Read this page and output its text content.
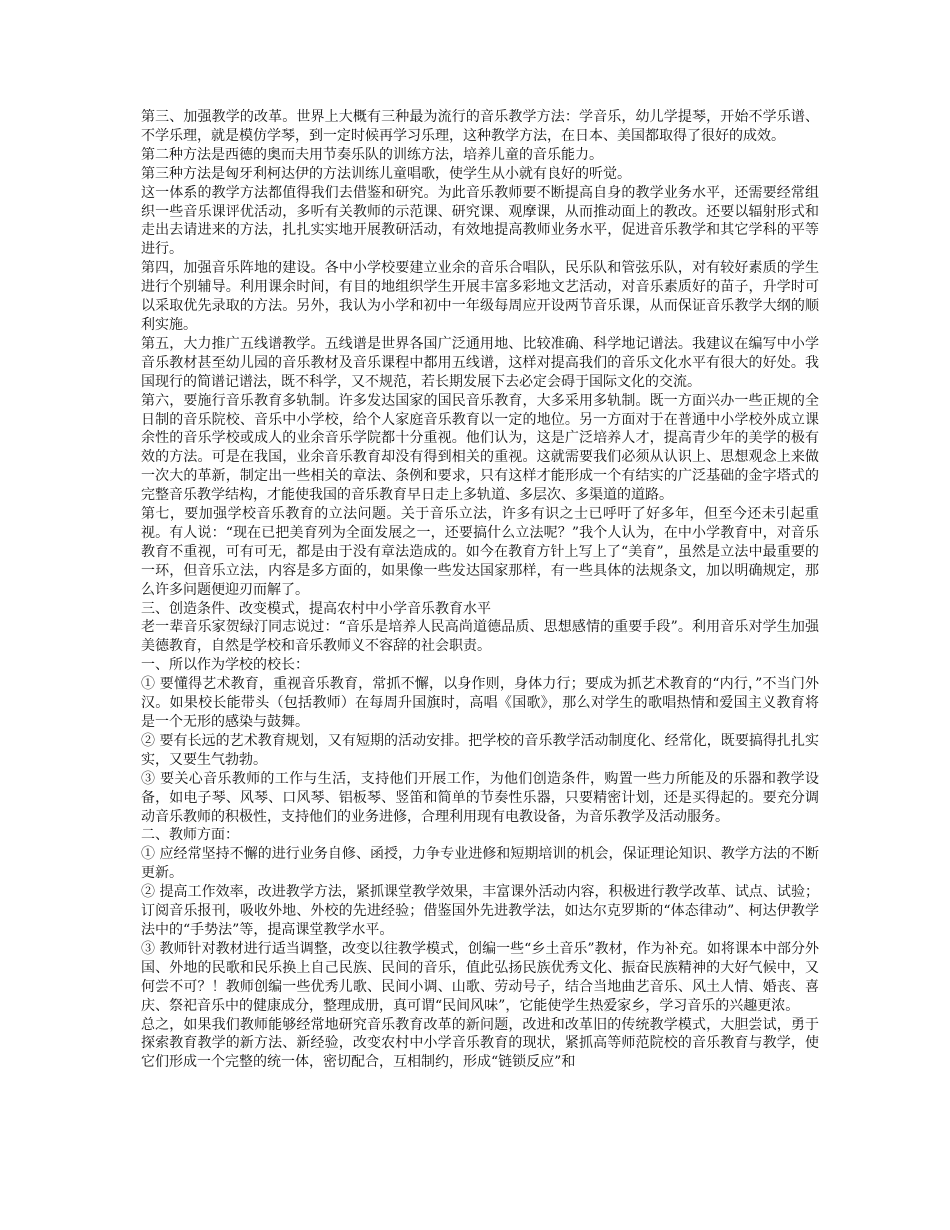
第三、加强教学的改革。世界上大概有三种最为流行的音乐教学方法：学音乐，幼儿学提琴，开始不学乐谱、不学乐理，就是模仿学琴，到一定时候再学习乐理，这种教学方法，在日本、美国都取得了很好的成效。

第二种方法是西德的奥而夫用节奏乐队的训练方法，培养儿童的音乐能力。

第三种方法是匈牙利柯达伊的方法训练儿童唱歌，使学生从小就有良好的听觉。

这一体系的教学方法都值得我们去借鉴和研究。为此音乐教师要不断提高自身的教学业务水平，还需要经常组织一些音乐课评优活动，多听有关教师的示范课、研究课、观摩课，从而推动面上的教改。还要以辐射形式和走出去请进来的方法，扎扎实实地开展教研活动，有效地提高教师业务水平，促进音乐教学和其它学科的平等进行。

第四，加强音乐阵地的建设。各中小学校要建立业余的音乐合唱队，民乐队和管弦乐队，对有较好素质的学生进行个别辅导。利用课余时间，有目的地组织学生开展丰富多彩地文艺活动，对音乐素质好的苗子，升学时可以采取优先录取的方法。另外，我认为小学和初中一年级每周应开设两节音乐课，从而保证音乐教学大纲的顺利实施。

第五，大力推广五线谱教学。五线谱是世界各国广泛通用地、比较准确、科学地记谱法。我建议在编写中小学音乐教材甚至幼儿园的音乐教材及音乐课程中都用五线谱，这样对提高我们的音乐文化水平有很大的好处。我国现行的简谱记谱法，既不科学，又不规范，若长期发展下去必定会碍于国际文化的交流。

第六，要施行音乐教育多轨制。许多发达国家的国民音乐教育，大多采用多轨制。既一方面兴办一些正规的全日制的音乐院校、音乐中小学校，给个人家庭音乐教育以一定的地位。另一方面对于在普通中小学校外成立课余性的音乐学校或成人的业余音乐学院都十分重视。他们认为，这是广泛培养人才，提高青少年的美学的极有效的方法。可是在我国，业余音乐教育却没有得到相关的重视。这就需要我们必须从认识上、思想观念上来做一次大的革新，制定出一些相关的章法、条例和要求，只有这样才能形成一个有结实的广泛基础的金字塔式的完整音乐教学结构，才能使我国的音乐教育早日走上多轨道、多层次、多渠道的道路。

第七，要加强学校音乐教育的立法问题。关于音乐立法，许多有识之士已呼吁了好多年，但至今还未引起重视。有人说：“现在已把美育列为全面发展之一，还要搞什么立法呢？”我个人认为，在中小学教育中，对音乐教育不重视，可有可无，都是由于没有章法造成的。如今在教育方针上写上了“美育”，虽然是立法中最重要的一环，但音乐立法，内容是多方面的，如果像一些发达国家那样，有一些具体的法规条文，加以明确规定，那么许多问题便迎刃而解了。

三、创造条件、改变模式，提高农村中小学音乐教育水平

老一辈音乐家贺绿汀同志说过：“音乐是培养人民高尚道德品质、思想感情的重要手段”。利用音乐对学生加强美德教育，自然是学校和音乐教师义不容辞的社会职责。

一、所以作为学校的校长：

① 要懂得艺术教育，重视音乐教育，常抓不懈，以身作则，身体力行；要成为抓艺术教育的“内行，”不当门外汉。如果校长能带头（包括教师）在每周升国旗时，高唱《国歌》，那么对学生的歌唱热情和爱国主义教育将是一个无形的感染与鼓舞。

② 要有长远的艺术教育规划，又有短期的活动安排。把学校的音乐教学活动制度化、经常化，既要搞得扎扎实实，又要生气勃勃。

③ 要关心音乐教师的工作与生活，支持他们开展工作，为他们创造条件，购置一些力所能及的乐器和教学设备，如电子琴、风琴、口风琴、铝板琴、竖笛和简单的节奏性乐器，只要精密计划，还是买得起的。要充分调动音乐教师的积极性，支持他们的业务进修，合理利用现有电教设备，为音乐教学及活动服务。

二、教师方面：

① 应经常坚持不懈的进行业务自修、函授，力争专业进修和短期培训的机会，保证理论知识、教学方法的不断更新。

② 提高工作效率，改进教学方法，紧抓课堂教学效果，丰富课外活动内容，积极进行教学改革、试点、试验；订阅音乐报刊，吸收外地、外校的先进经验；借鉴国外先进教学法，如达尔克罗斯的“体态律动”、柯达伊教学法中的“手势法”等，提高课堂教学水平。

③ 教师针对教材进行适当调整，改变以往教学模式，创编一些“乡土音乐”教材，作为补充。如将课本中部分外国、外地的民歌和民乐换上自己民族、民间的音乐，值此弘扬民族优秀文化、振奋民族精神的大好气候中，又何尝不可？！教师创编一些优秀儿歌、民间小调、山歌、劳动号子，结合当地曲艺音乐、风土人情、婚丧、喜庆、祭祀音乐中的健康成分，整理成册，真可谓“民间风味”，它能使学生热爱家乡，学习音乐的兴趣更浓。

总之，如果我们教师能够经常地研究音乐教育改革的新问题，改进和改革旧的传统教学模式，大胆尝试，勇于探索教育教学的新方法、新经验，改变农村中小学音乐教育的现状，紧抓高等师范院校的音乐教育与教学，使它们形成一个完整的统一体，密切配合，互相制约，形成“链锁反应”和
